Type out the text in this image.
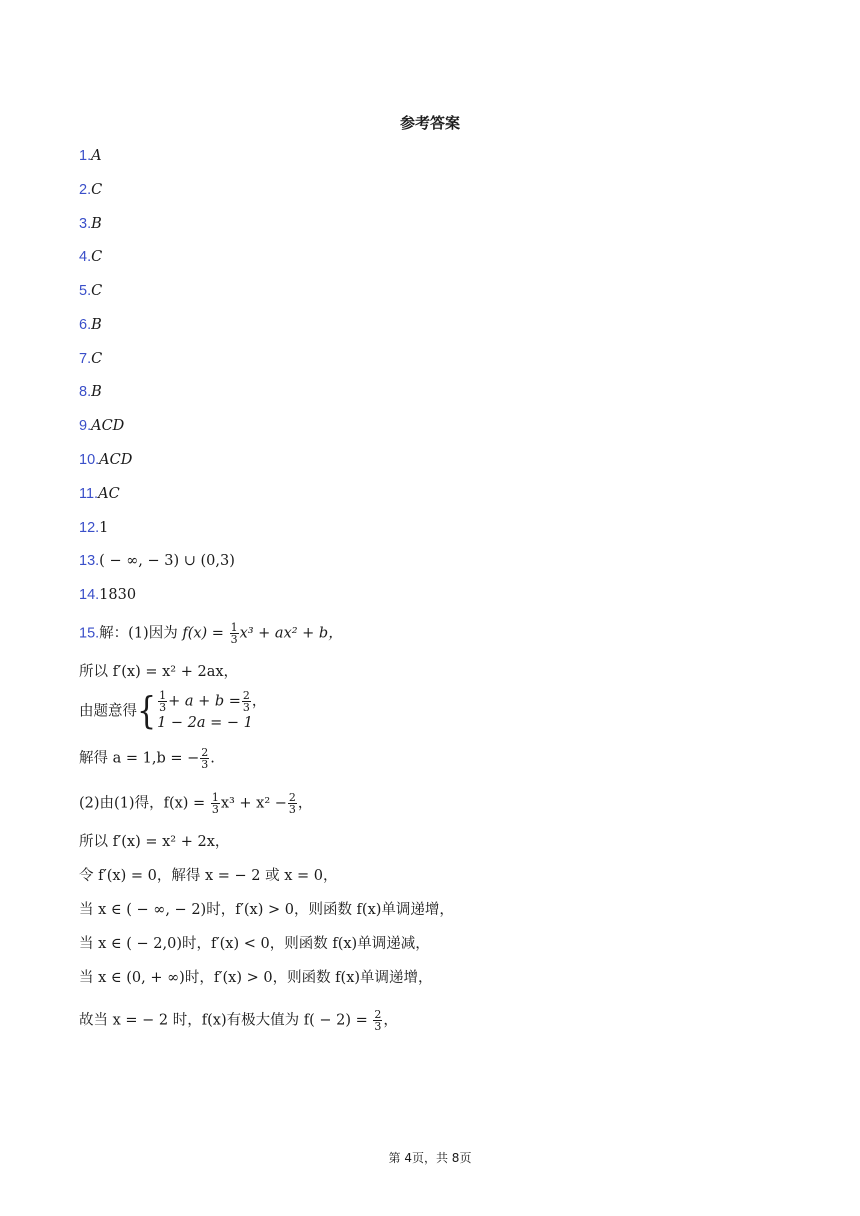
参考答案
1.A
2.C
3.B
4.C
5.C
6.B
7.C
8.B
9.ACD
10.ACD
11.AC
12.1
13.( − ∞, − 3) ∪ (0,3)
14.1830
15.解：(1)因为 $f(x) = \frac{1}{3} x^3 + ax^2 + b$，
所以 f′(x) = x² + 2ax，
由题意得{ $\frac{1}{3} + a + b = \frac{2}{3}$ ，
1 − 2a = − 1
解得 a = 1,b = − $\frac{2}{3}$ .
(2)由(1)得，$f(x) = \frac{1}{3} x^3 + x^2 - \frac{2}{3}$ ，
所以 f′(x) = x² + 2x，
令 f′(x) = 0，解得 x = − 2 或 x = 0，
当 x ∈ ( − ∞, − 2)时，f′(x) > 0，则函数 f(x)单调递增，
当 x ∈ ( − 2,0)时，f′(x) < 0，则函数 f(x)单调递减，
当 x ∈ (0, + ∞)时，f′(x) > 0，则函数 f(x)单调递增，
故当 x = − 2 时，f(x)有极大值为 $f( - 2) = \frac{2}{3}$ ，
第 4页，共 8页
